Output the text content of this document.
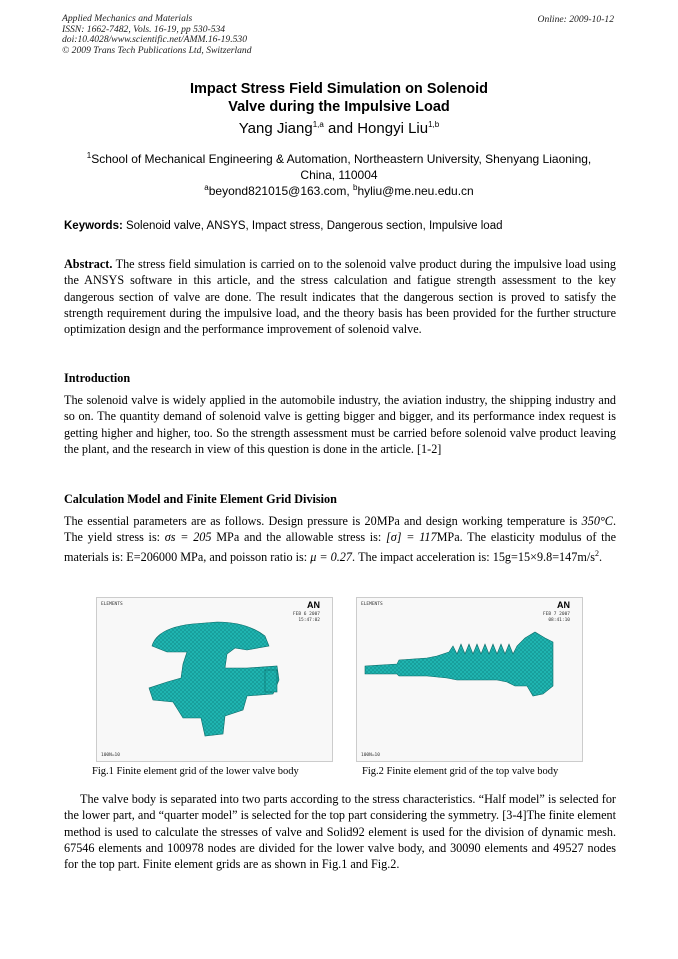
Applied Mechanics and Materials
ISSN: 1662-7482, Vols. 16-19, pp 530-534
doi:10.4028/www.scientific.net/AMM.16-19.530
© 2009 Trans Tech Publications Ltd, Switzerland
Online: 2009-10-12
Impact Stress Field Simulation on Solenoid
Valve during the Impulsive Load
Yang Jiang$^{1,a}$ and Hongyi Liu$^{1,b}$
$^1$School of Mechanical Engineering & Automation, Northeastern University, Shenyang Liaoning,
China, 110004
$^a$beyond821015@163.com, $^b$hyliu@me.neu.edu.cn
Keywords: Solenoid valve, ANSYS, Impact stress, Dangerous section, Impulsive load
Abstract. The stress field simulation is carried on to the solenoid valve product during the impulsive load using the ANSYS software in this article, and the stress calculation and fatigue strength assessment to the key dangerous section of valve are done. The result indicates that the dangerous section is proved to satisfy the strength requirement during the impulsive load, and the theory basis has been provided for the further structure optimization design and the performance improvement of solenoid valve.
Introduction
The solenoid valve is widely applied in the automobile industry, the aviation industry, the shipping industry and so on. The quantity demand of solenoid valve is getting bigger and bigger, and its performance index request is getting higher and higher, too. So the strength assessment must be carried before solenoid valve product leaving the plant, and the research in view of this question is done in the article. [1-2]
Calculation Model and Finite Element Grid Division
The essential parameters are as follows. Design pressure is 20MPa and design working temperature is 350°C. The yield stress is: σs = 205 MPa and the allowable stress is: [σ] = 117MPa. The elasticity modulus of the materials is: E=206000 MPa, and poisson ratio is: μ = 0.27. The impact acceleration is: $15g=15\times 9.8=147m/s^2$.
ELEMENTS	AN
FEB 6 2007
15:47:02
100N=10
Fig.1 Finite element grid of the lower valve body
ELEMENTS	AN
FEB 7 2007
08:41:10
100N=10
Fig.2 Finite element grid of the top valve body
The valve body is separated into two parts according to the stress characteristics. “Half model” is selected for the lower part, and “quarter model” is selected for the top part considering the symmetry. [3-4]The finite element method is used to calculate the stresses of valve and Solid92 element is used for the division of dynamic mesh. 67546 elements and 100978 nodes are divided for the lower valve body, and 30090 elements and 49527 nodes for the top part. Finite element grids are as shown in Fig.1 and Fig.2.
